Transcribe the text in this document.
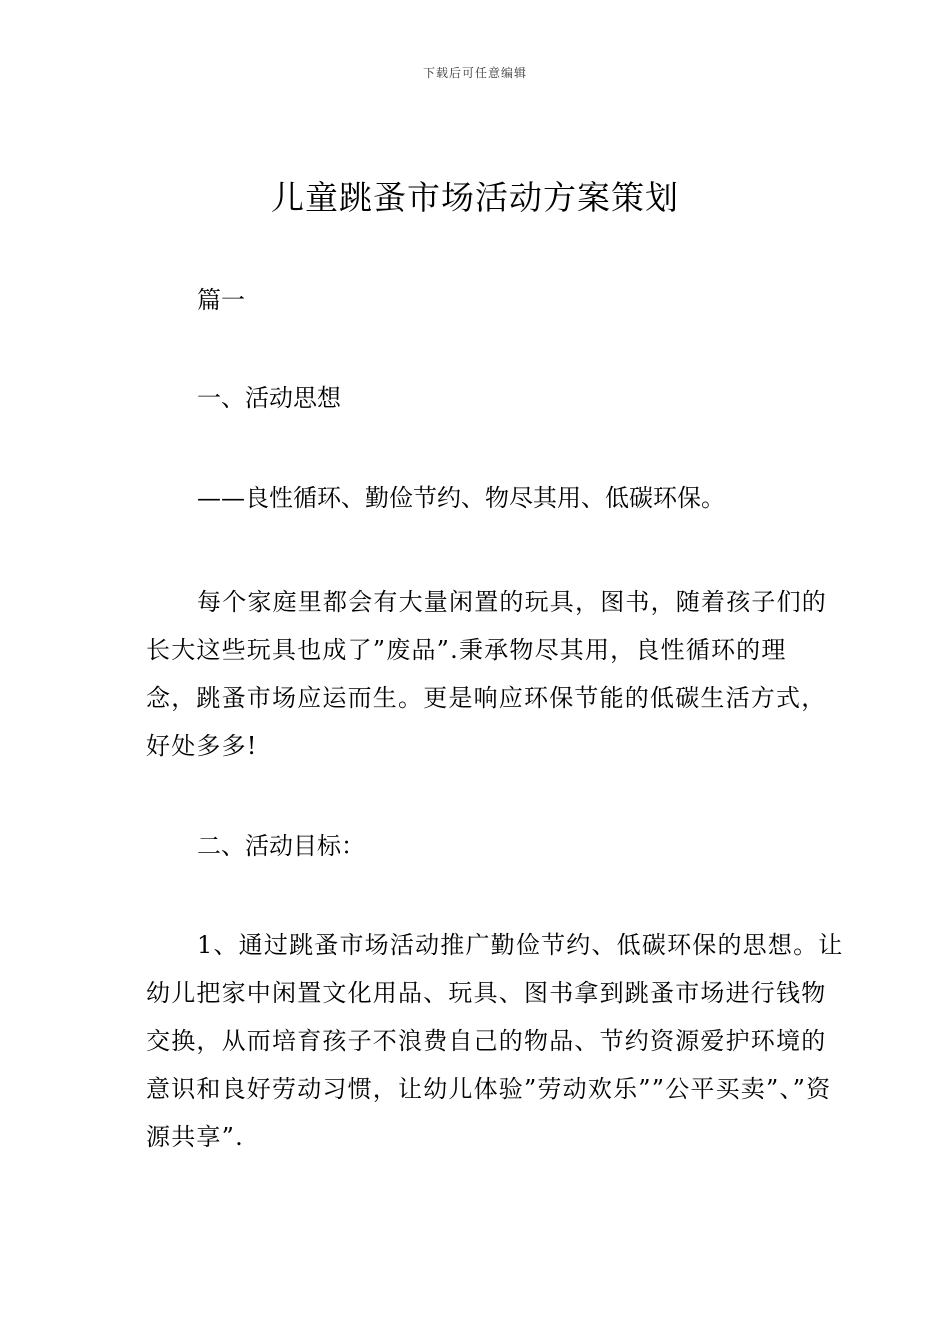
下载后可任意编辑
儿童跳蚤市场活动方案策划
篇一
一、活动思想
——良性循环、勤俭节约、物尽其用、低碳环保。

每个家庭里都会有大量闲置的玩具，图书，随着孩子们的长大这些玩具也成了”废品”.秉承物尽其用，良性循环的理念，跳蚤市场应运而生。更是响应环保节能的低碳生活方式，好处多多!

二、活动目标：

1、通过跳蚤市场活动推广勤俭节约、低碳环保的思想。让幼儿把家中闲置文化用品、玩具、图书拿到跳蚤市场进行钱物交换，从而培育孩子不浪费自己的物品、节约资源爱护环境的意识和良好劳动习惯，让幼儿体验”劳动欢乐””公平买卖”、”资源共享”.
